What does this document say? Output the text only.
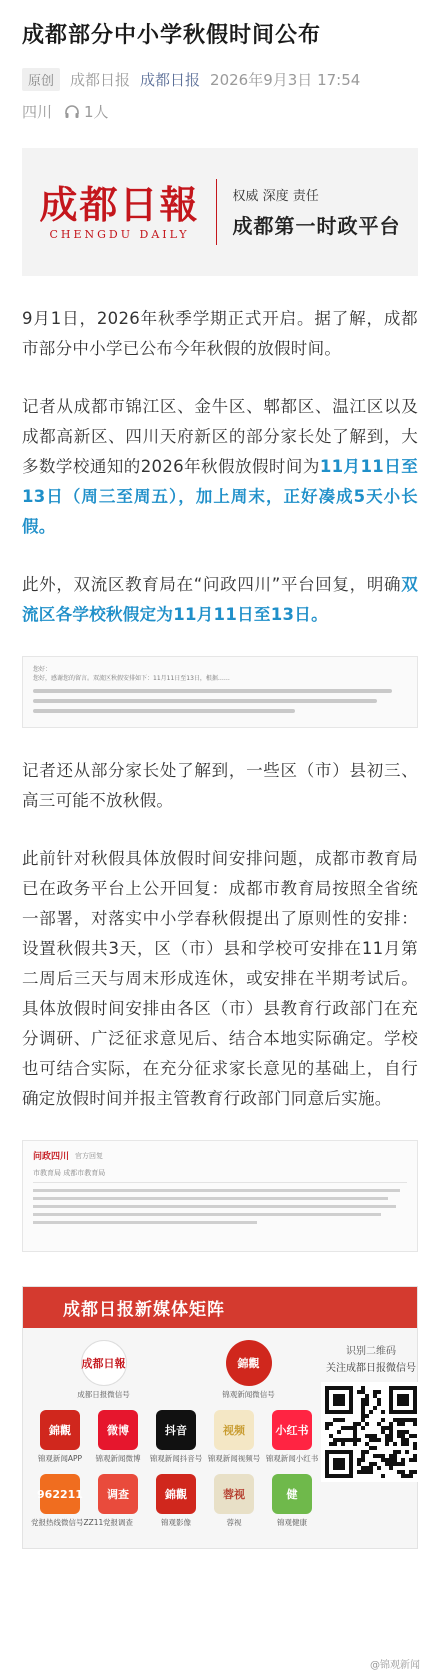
成都部分中小学秋假时间公布
原创	成都日报 成都日报 2026年9月3日 17:54
四川 1人
成都日報
CHENGDU DAILY
权威 深度 责任
成都第一时政平台

9月1日，2026年秋季学期正式开启。据了解，成都市部分中小学已公布今年秋假的放假时间。

记者从成都市锦江区、金牛区、郫都区、温江区以及成都高新区、四川天府新区的部分家长处了解到，大多数学校通知的2026年秋假放假时间为11月11日至13日（周三至周五），加上周末，正好凑成5天小长假。

此外，双流区教育局在“问政四川”平台回复，明确双流区各学校秋假定为11月11日至13日。

您好：
您好，感谢您的留言。双流区秋假安排如下：11月11日至13日，根据……

记者还从部分家长处了解到，一些区（市）县初三、高三可能不放秋假。

此前针对秋假具体放假时间安排问题，成都市教育局已在政务平台上公开回复：成都市教育局按照全省统一部署，对落实中小学春秋假提出了原则性的安排：设置秋假共3天，区（市）县和学校可安排在11月第二周后三天与周末形成连休，或安排在半期考试后。具体放假时间安排由各区（市）县教育行政部门在充分调研、广泛征求意见后、结合本地实际确定。学校也可结合实际，在充分征求家长意见的基础上，自行确定放假时间并报主管教育行政部门同意后实施。

问政四川 官方回复
市教育局 成都市教育局
成都日报新媒体矩阵
成都日報
成都日报微信号
錦觀
锦观新闻微信号
錦觀
锦观新闻APP
微博
锦观新闻微博
抖音
锦观新闻抖音号
视频
锦观新闻视频号
小红书
锦观新闻小红书
962211
党报热线微信号ZZ11
调查
党报调查
錦觀
锦观影像
蓉视
蓉视
健
锦观健康
识别二维码
关注成都日报微信号
@锦观新闻
